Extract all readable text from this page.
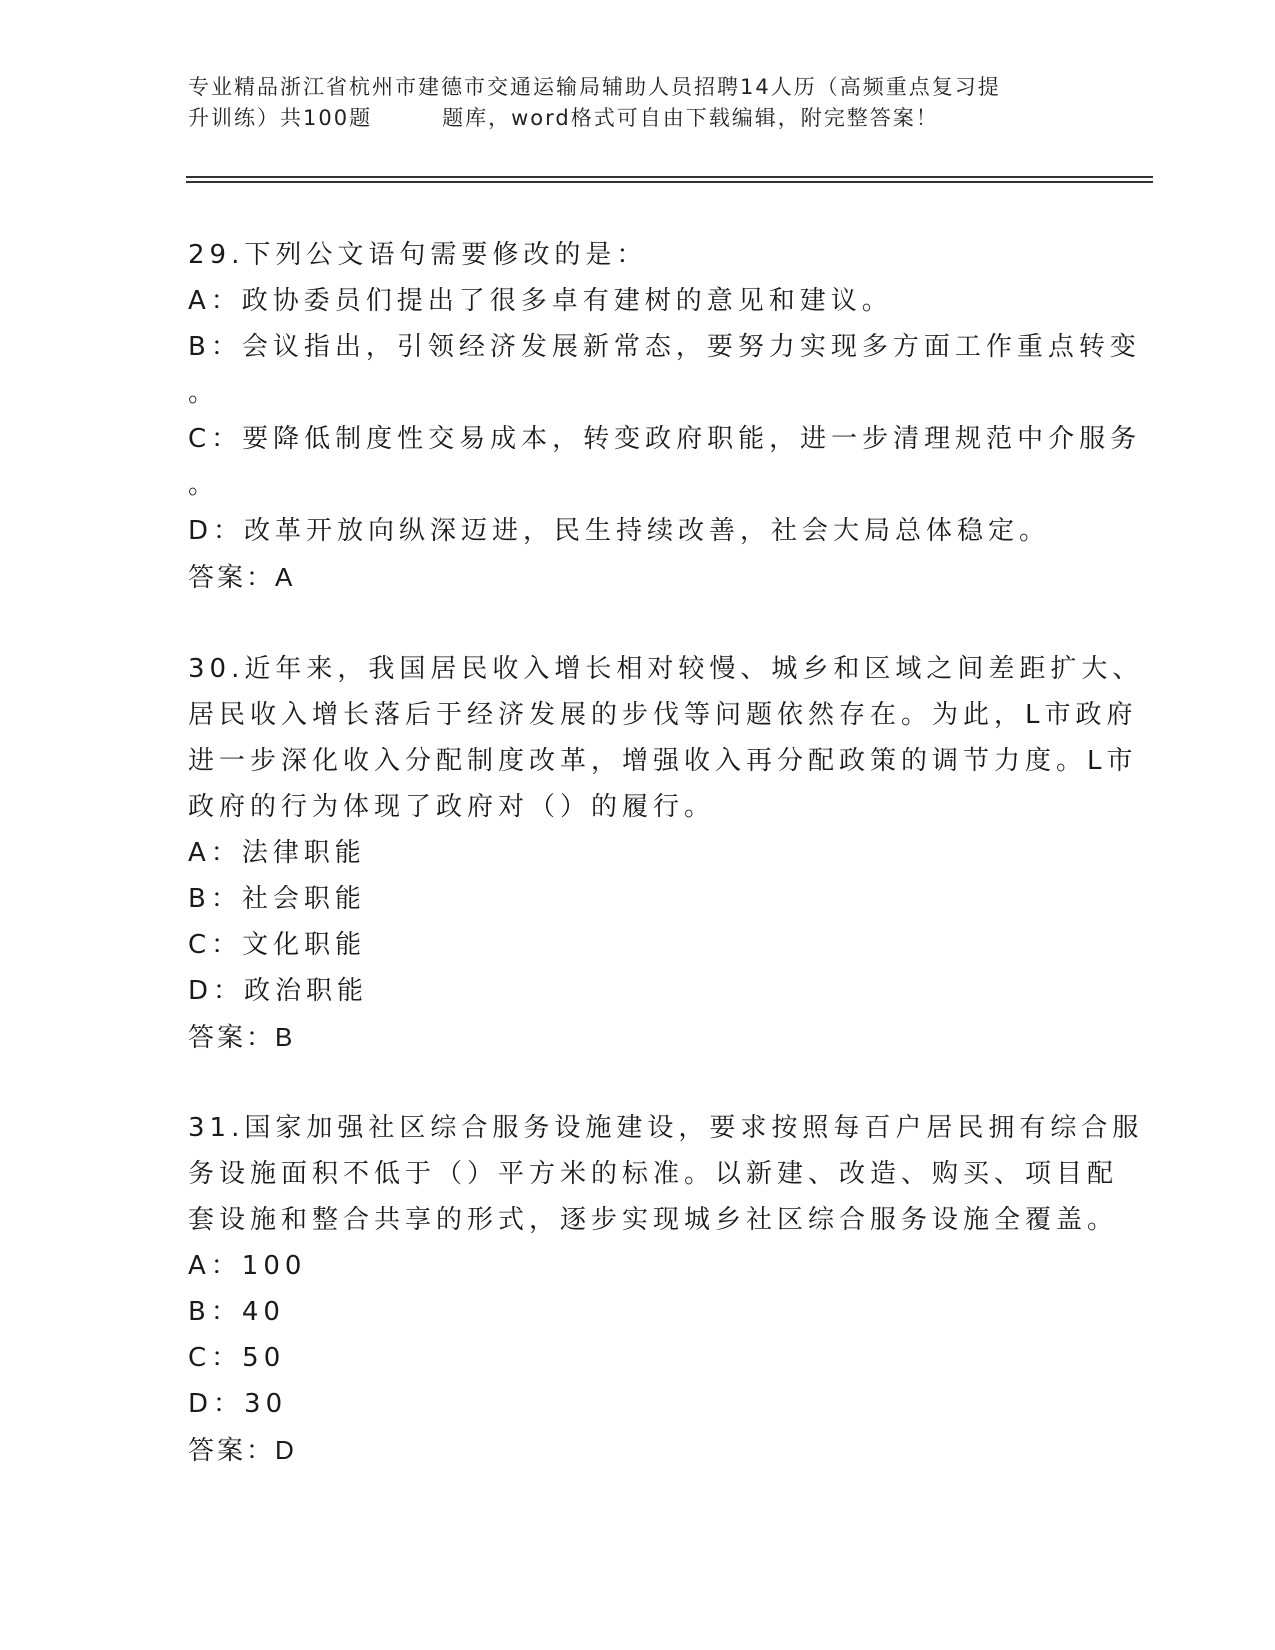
专业精品浙江省杭州市建德市交通运输局辅助人员招聘14人历（高频重点复习提
升训练）共100题	题库，word格式可自由下载编辑，附完整答案！
29.下列公文语句需要修改的是：
A：政协委员们提出了很多卓有建树的意见和建议。
B：会议指出，引领经济发展新常态，要努力实现多方面工作重点转变
。
C：要降低制度性交易成本，转变政府职能，进一步清理规范中介服务
。
D：改革开放向纵深迈进，民生持续改善，社会大局总体稳定。
答案：A
30.近年来，我国居民收入增长相对较慢、城乡和区域之间差距扩大、
居民收入增长落后于经济发展的步伐等问题依然存在。为此，L市政府
进一步深化收入分配制度改革，增强收入再分配政策的调节力度。L市
政府的行为体现了政府对（）的履行。
A：法律职能
B：社会职能
C：文化职能
D：政治职能
答案：B
31.国家加强社区综合服务设施建设，要求按照每百户居民拥有综合服
务设施面积不低于（）平方米的标准。以新建、改造、购买、项目配
套设施和整合共享的形式，逐步实现城乡社区综合服务设施全覆盖。
A：100
B：40
C：50
D：30
答案：D
